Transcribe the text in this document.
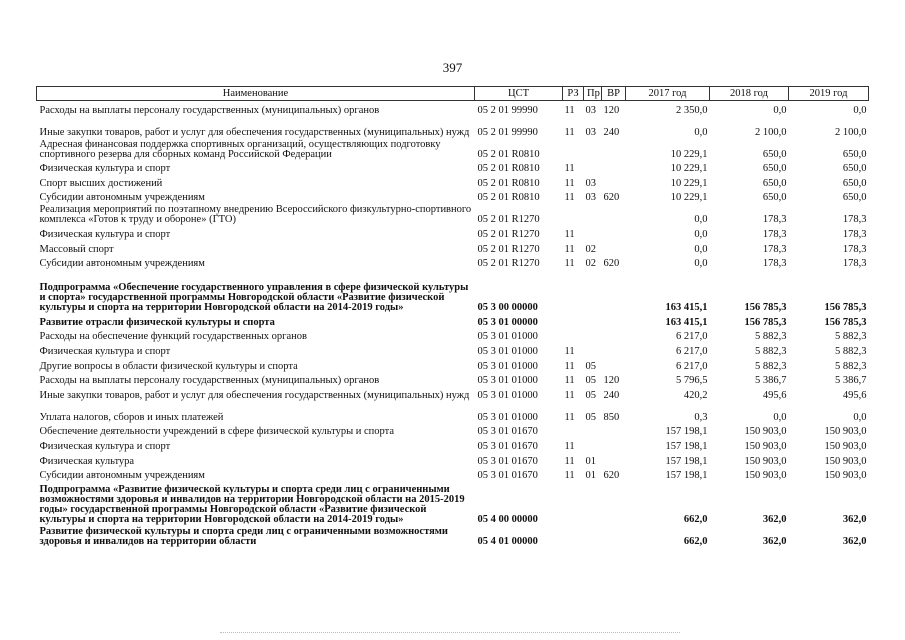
397
Наименование	ЦСТ	РЗ	Пр	ВР	2017 год	2018 год	2019 год
Расходы на выплаты персоналу государственных (муниципальных) органов	05 2 01 99990	11	03	120	2 350,0	0,0	0,0
Иные закупки товаров, работ и услуг для обеспечения государственных (муниципальных) нужд	05 2 01 99990	11	03	240	0,0	2 100,0	2 100,0
Адресная финансовая поддержка спортивных организаций, осуществляющих подготовку спортивного резерва для сборных команд Российской Федерации	05 2 01 R0810				10 229,1	650,0	650,0
Физическая культура и спорт	05 2 01 R0810	11			10 229,1	650,0	650,0
Спорт высших достижений	05 2 01 R0810	11	03		10 229,1	650,0	650,0
Субсидии автономным учреждениям	05 2 01 R0810	11	03	620	10 229,1	650,0	650,0
Реализация мероприятий по поэтапному внедрению Всероссийского физкультурно-спортивного комплекса «Готов к труду и обороне» (ГТО)	05 2 01 R1270				0,0	178,3	178,3
Физическая культура и спорт	05 2 01 R1270	11			0,0	178,3	178,3
Массовый спорт	05 2 01 R1270	11	02		0,0	178,3	178,3
Субсидии автономным учреждениям	05 2 01 R1270	11	02	620	0,0	178,3	178,3
Подпрограмма «Обеспечение государственного управления в сфере физической культуры и спорта» государственной программы Новгородской области «Развитие физической культуры и спорта на территории Новгородской области на 2014-2019 годы»	05 3 00 00000				163 415,1	156 785,3	156 785,3
Развитие отрасли физической культуры и спорта	05 3 01 00000				163 415,1	156 785,3	156 785,3
Расходы на обеспечение функций государственных органов	05 3 01 01000				6 217,0	5 882,3	5 882,3
Физическая культура и спорт	05 3 01 01000	11			6 217,0	5 882,3	5 882,3
Другие вопросы в области физической культуры и спорта	05 3 01 01000	11	05		6 217,0	5 882,3	5 882,3
Расходы на выплаты персоналу государственных (муниципальных) органов	05 3 01 01000	11	05	120	5 796,5	5 386,7	5 386,7
Иные закупки товаров, работ и услуг для обеспечения государственных (муниципальных) нужд	05 3 01 01000	11	05	240	420,2	495,6	495,6
Уплата налогов, сборов и иных платежей	05 3 01 01000	11	05	850	0,3	0,0	0,0
Обеспечение деятельности учреждений в сфере физической культуры и спорта	05 3 01 01670				157 198,1	150 903,0	150 903,0
Физическая культура и спорт	05 3 01 01670	11			157 198,1	150 903,0	150 903,0
Физическая культура	05 3 01 01670	11	01		157 198,1	150 903,0	150 903,0
Субсидии автономным учреждениям	05 3 01 01670	11	01	620	157 198,1	150 903,0	150 903,0
Подпрограмма «Развитие физической культуры и спорта среди лиц с ограниченными возможностями здоровья и инвалидов на территории Новгородской области на 2015-2019 годы» государственной программы Новгородской области «Развитие физической культуры и спорта на территории Новгородской области на 2014-2019 годы»	05 4 00 00000				662,0	362,0	362,0
Развитие физической культуры и спорта среди лиц с ограниченными возможностями здоровья и инвалидов на территории области	05 4 01 00000				662,0	362,0	362,0
